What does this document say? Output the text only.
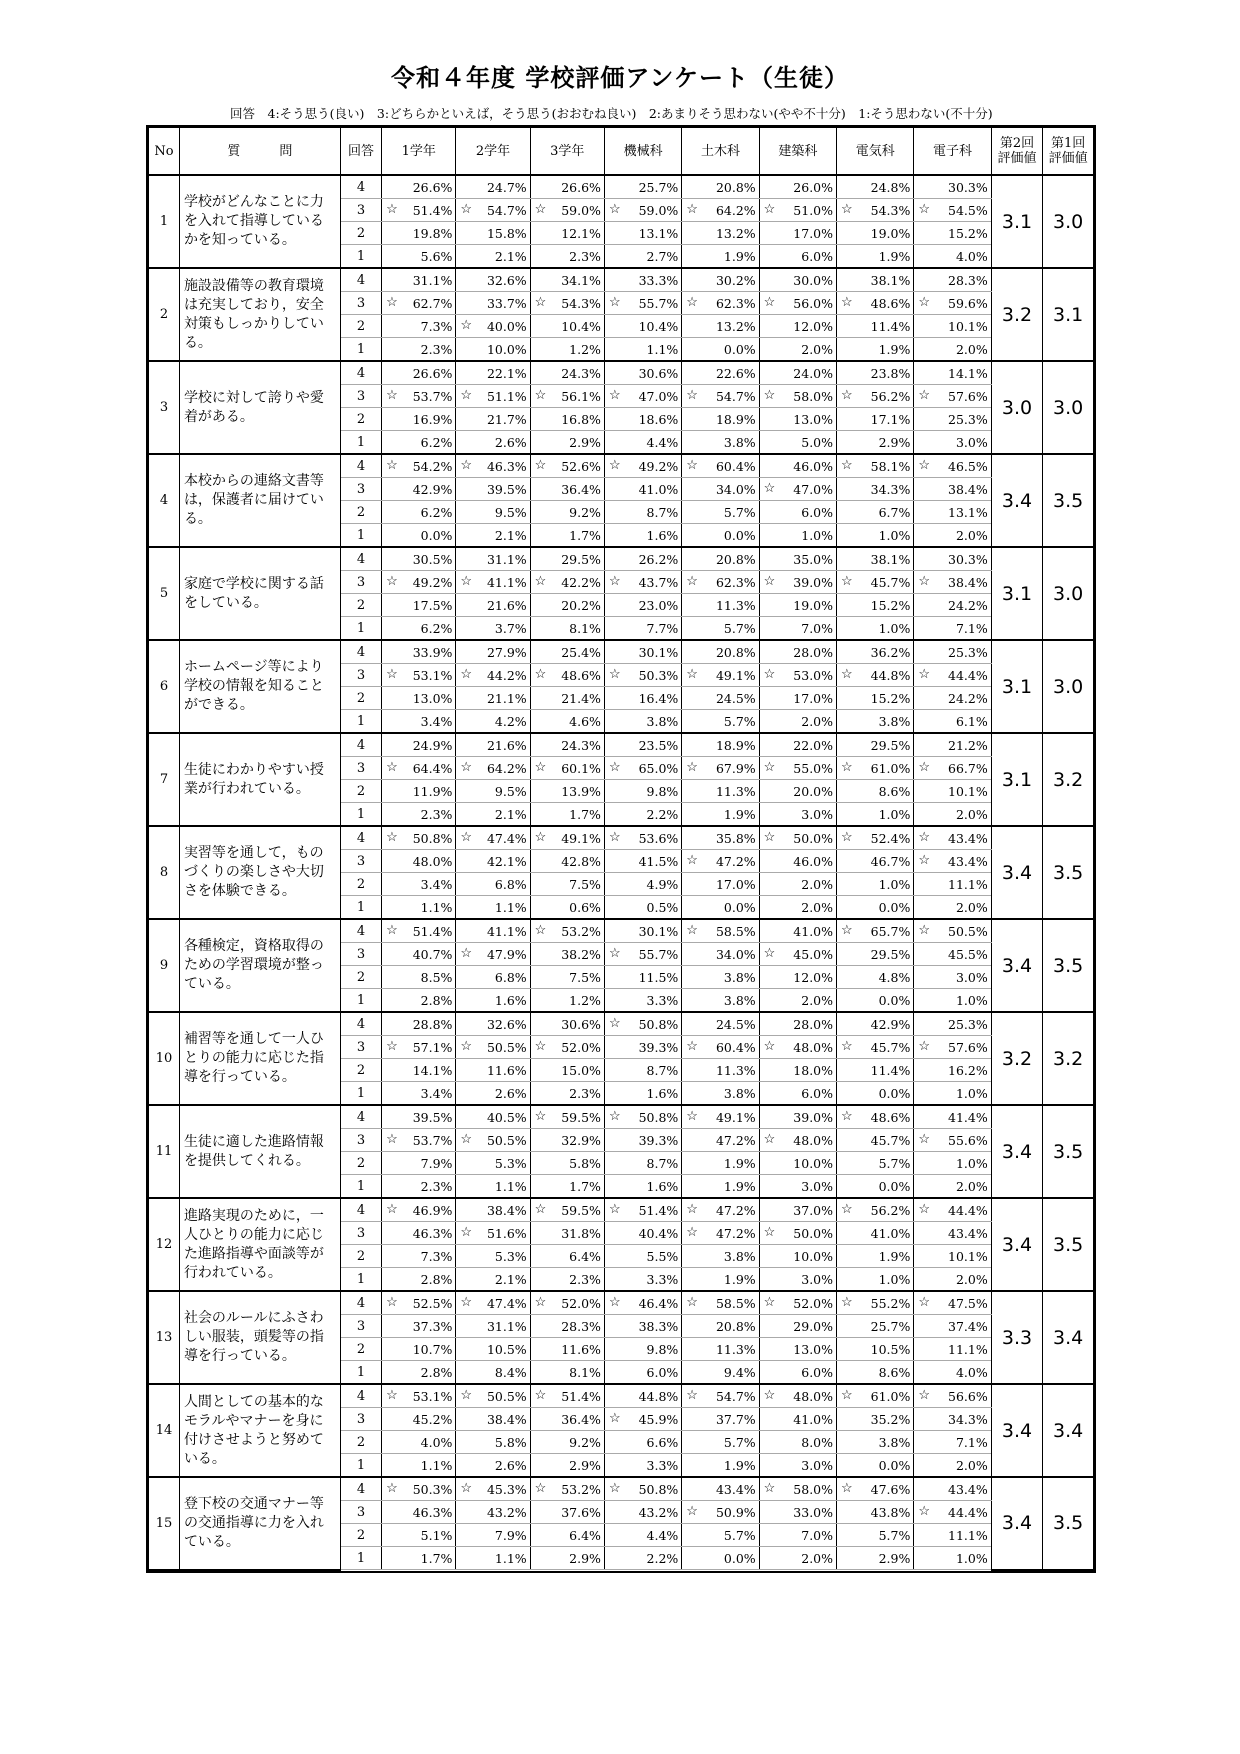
令和４年度 学校評価アンケート（生徒）
回答　4:そう思う(良い)　3:どちらかといえば，そう思う(おおむね良い)　2:あまりそう思わない(やや不十分)　1:そう思わない(不十分)
No	質　　　問	回答	1学年	2学年	3学年	機械科	土木科	建築科	電気科	電子科	第2回
評価値	第1回
評価値
1	学校がどんなことに力を入れて指導しているかを知っている。	4	26.6%	24.7%	26.6%	25.7%	20.8%	26.0%	24.8%	30.3%	3.1	3.0
		3	☆ 51.4%	☆ 54.7%	☆ 59.0%	☆ 59.0%	☆ 64.2%	☆ 51.0%	☆ 54.3%	☆ 54.5%		
		2	19.8%	15.8%	12.1%	13.1%	13.2%	17.0%	19.0%	15.2%		
		1	5.6%	2.1%	2.3%	2.7%	1.9%	6.0%	1.9%	4.0%		
2	施設設備等の教育環境は充実しており，安全対策もしっかりしている。	4	31.1%	32.6%	34.1%	33.3%	30.2%	30.0%	38.1%	28.3%	3.2	3.1
		3	☆ 62.7%	33.7%	☆ 54.3%	☆ 55.7%	☆ 62.3%	☆ 56.0%	☆ 48.6%	☆ 59.6%		
		2	7.3%	☆ 40.0%	10.4%	10.4%	13.2%	12.0%	11.4%	10.1%		
		1	2.3%	10.0%	1.2%	1.1%	0.0%	2.0%	1.9%	2.0%		
3	学校に対して誇りや愛着がある。	4	26.6%	22.1%	24.3%	30.6%	22.6%	24.0%	23.8%	14.1%	3.0	3.0
		3	☆ 53.7%	☆ 51.1%	☆ 56.1%	☆ 47.0%	☆ 54.7%	☆ 58.0%	☆ 56.2%	☆ 57.6%		
		2	16.9%	21.7%	16.8%	18.6%	18.9%	13.0%	17.1%	25.3%		
		1	6.2%	2.6%	2.9%	4.4%	3.8%	5.0%	2.9%	3.0%		
4	本校からの連絡文書等は，保護者に届けている。	4	☆ 54.2%	☆ 46.3%	☆ 52.6%	☆ 49.2%	☆ 60.4%	46.0%	☆ 58.1%	☆ 46.5%	3.4	3.5
		3	42.9%	39.5%	36.4%	41.0%	34.0%	☆ 47.0%	34.3%	38.4%		
		2	6.2%	9.5%	9.2%	8.7%	5.7%	6.0%	6.7%	13.1%		
		1	0.0%	2.1%	1.7%	1.6%	0.0%	1.0%	1.0%	2.0%		
5	家庭で学校に関する話をしている。	4	30.5%	31.1%	29.5%	26.2%	20.8%	35.0%	38.1%	30.3%	3.1	3.0
		3	☆ 49.2%	☆ 41.1%	☆ 42.2%	☆ 43.7%	☆ 62.3%	☆ 39.0%	☆ 45.7%	☆ 38.4%		
		2	17.5%	21.6%	20.2%	23.0%	11.3%	19.0%	15.2%	24.2%		
		1	6.2%	3.7%	8.1%	7.7%	5.7%	7.0%	1.0%	7.1%		
6	ホームページ等により学校の情報を知ることができる。	4	33.9%	27.9%	25.4%	30.1%	20.8%	28.0%	36.2%	25.3%	3.1	3.0
		3	☆ 53.1%	☆ 44.2%	☆ 48.6%	☆ 50.3%	☆ 49.1%	☆ 53.0%	☆ 44.8%	☆ 44.4%		
		2	13.0%	21.1%	21.4%	16.4%	24.5%	17.0%	15.2%	24.2%		
		1	3.4%	4.2%	4.6%	3.8%	5.7%	2.0%	3.8%	6.1%		
7	生徒にわかりやすい授業が行われている。	4	24.9%	21.6%	24.3%	23.5%	18.9%	22.0%	29.5%	21.2%	3.1	3.2
		3	☆ 64.4%	☆ 64.2%	☆ 60.1%	☆ 65.0%	☆ 67.9%	☆ 55.0%	☆ 61.0%	☆ 66.7%		
		2	11.9%	9.5%	13.9%	9.8%	11.3%	20.0%	8.6%	10.1%		
		1	2.3%	2.1%	1.7%	2.2%	1.9%	3.0%	1.0%	2.0%		
8	実習等を通して，ものづくりの楽しさや大切さを体験できる。	4	☆ 50.8%	☆ 47.4%	☆ 49.1%	☆ 53.6%	35.8%	☆ 50.0%	☆ 52.4%	☆ 43.4%	3.4	3.5
		3	48.0%	42.1%	42.8%	41.5%	☆ 47.2%	46.0%	46.7%	☆ 43.4%		
		2	3.4%	6.8%	7.5%	4.9%	17.0%	2.0%	1.0%	11.1%		
		1	1.1%	1.1%	0.6%	0.5%	0.0%	2.0%	0.0%	2.0%		
9	各種検定，資格取得のための学習環境が整っている。	4	☆ 51.4%	41.1%	☆ 53.2%	30.1%	☆ 58.5%	41.0%	☆ 65.7%	☆ 50.5%	3.4	3.5
		3	40.7%	☆ 47.9%	38.2%	☆ 55.7%	34.0%	☆ 45.0%	29.5%	45.5%		
		2	8.5%	6.8%	7.5%	11.5%	3.8%	12.0%	4.8%	3.0%		
		1	2.8%	1.6%	1.2%	3.3%	3.8%	2.0%	0.0%	1.0%		
10	補習等を通して一人ひとりの能力に応じた指導を行っている。	4	28.8%	32.6%	30.6%	☆ 50.8%	24.5%	28.0%	42.9%	25.3%	3.2	3.2
		3	☆ 57.1%	☆ 50.5%	☆ 52.0%	39.3%	☆ 60.4%	☆ 48.0%	☆ 45.7%	☆ 57.6%		
		2	14.1%	11.6%	15.0%	8.7%	11.3%	18.0%	11.4%	16.2%		
		1	3.4%	2.6%	2.3%	1.6%	3.8%	6.0%	0.0%	1.0%		
11	生徒に適した進路情報を提供してくれる。	4	39.5%	40.5%	☆ 59.5%	☆ 50.8%	☆ 49.1%	39.0%	☆ 48.6%	41.4%	3.4	3.5
		3	☆ 53.7%	☆ 50.5%	32.9%	39.3%	47.2%	☆ 48.0%	45.7%	☆ 55.6%		
		2	7.9%	5.3%	5.8%	8.7%	1.9%	10.0%	5.7%	1.0%		
		1	2.3%	1.1%	1.7%	1.6%	1.9%	3.0%	0.0%	2.0%		
12	進路実現のために，一人ひとりの能力に応じた進路指導や面談等が行われている。	4	☆ 46.9%	38.4%	☆ 59.5%	☆ 51.4%	☆ 47.2%	37.0%	☆ 56.2%	☆ 44.4%	3.4	3.5
		3	46.3%	☆ 51.6%	31.8%	40.4%	☆ 47.2%	☆ 50.0%	41.0%	43.4%		
		2	7.3%	5.3%	6.4%	5.5%	3.8%	10.0%	1.9%	10.1%		
		1	2.8%	2.1%	2.3%	3.3%	1.9%	3.0%	1.0%	2.0%		
13	社会のルールにふさわしい服装，頭髪等の指導を行っている。	4	☆ 52.5%	☆ 47.4%	☆ 52.0%	☆ 46.4%	☆ 58.5%	☆ 52.0%	☆ 55.2%	☆ 47.5%	3.3	3.4
		3	37.3%	31.1%	28.3%	38.3%	20.8%	29.0%	25.7%	37.4%		
		2	10.7%	10.5%	11.6%	9.8%	11.3%	13.0%	10.5%	11.1%		
		1	2.8%	8.4%	8.1%	6.0%	9.4%	6.0%	8.6%	4.0%		
14	人間としての基本的なモラルやマナーを身に付けさせようと努めている。	4	☆ 53.1%	☆ 50.5%	☆ 51.4%	44.8%	☆ 54.7%	☆ 48.0%	☆ 61.0%	☆ 56.6%	3.4	3.4
		3	45.2%	38.4%	36.4%	☆ 45.9%	37.7%	41.0%	35.2%	34.3%		
		2	4.0%	5.8%	9.2%	6.6%	5.7%	8.0%	3.8%	7.1%		
		1	1.1%	2.6%	2.9%	3.3%	1.9%	3.0%	0.0%	2.0%		
15	登下校の交通マナー等の交通指導に力を入れている。	4	☆ 50.3%	☆ 45.3%	☆ 53.2%	☆ 50.8%	43.4%	☆ 58.0%	☆ 47.6%	43.4%	3.4	3.5
		3	46.3%	43.2%	37.6%	43.2%	☆ 50.9%	33.0%	43.8%	☆ 44.4%		
		2	5.1%	7.9%	6.4%	4.4%	5.7%	7.0%	5.7%	11.1%		
		1	1.7%	1.1%	2.9%	2.2%	0.0%	2.0%	2.9%	1.0%		
